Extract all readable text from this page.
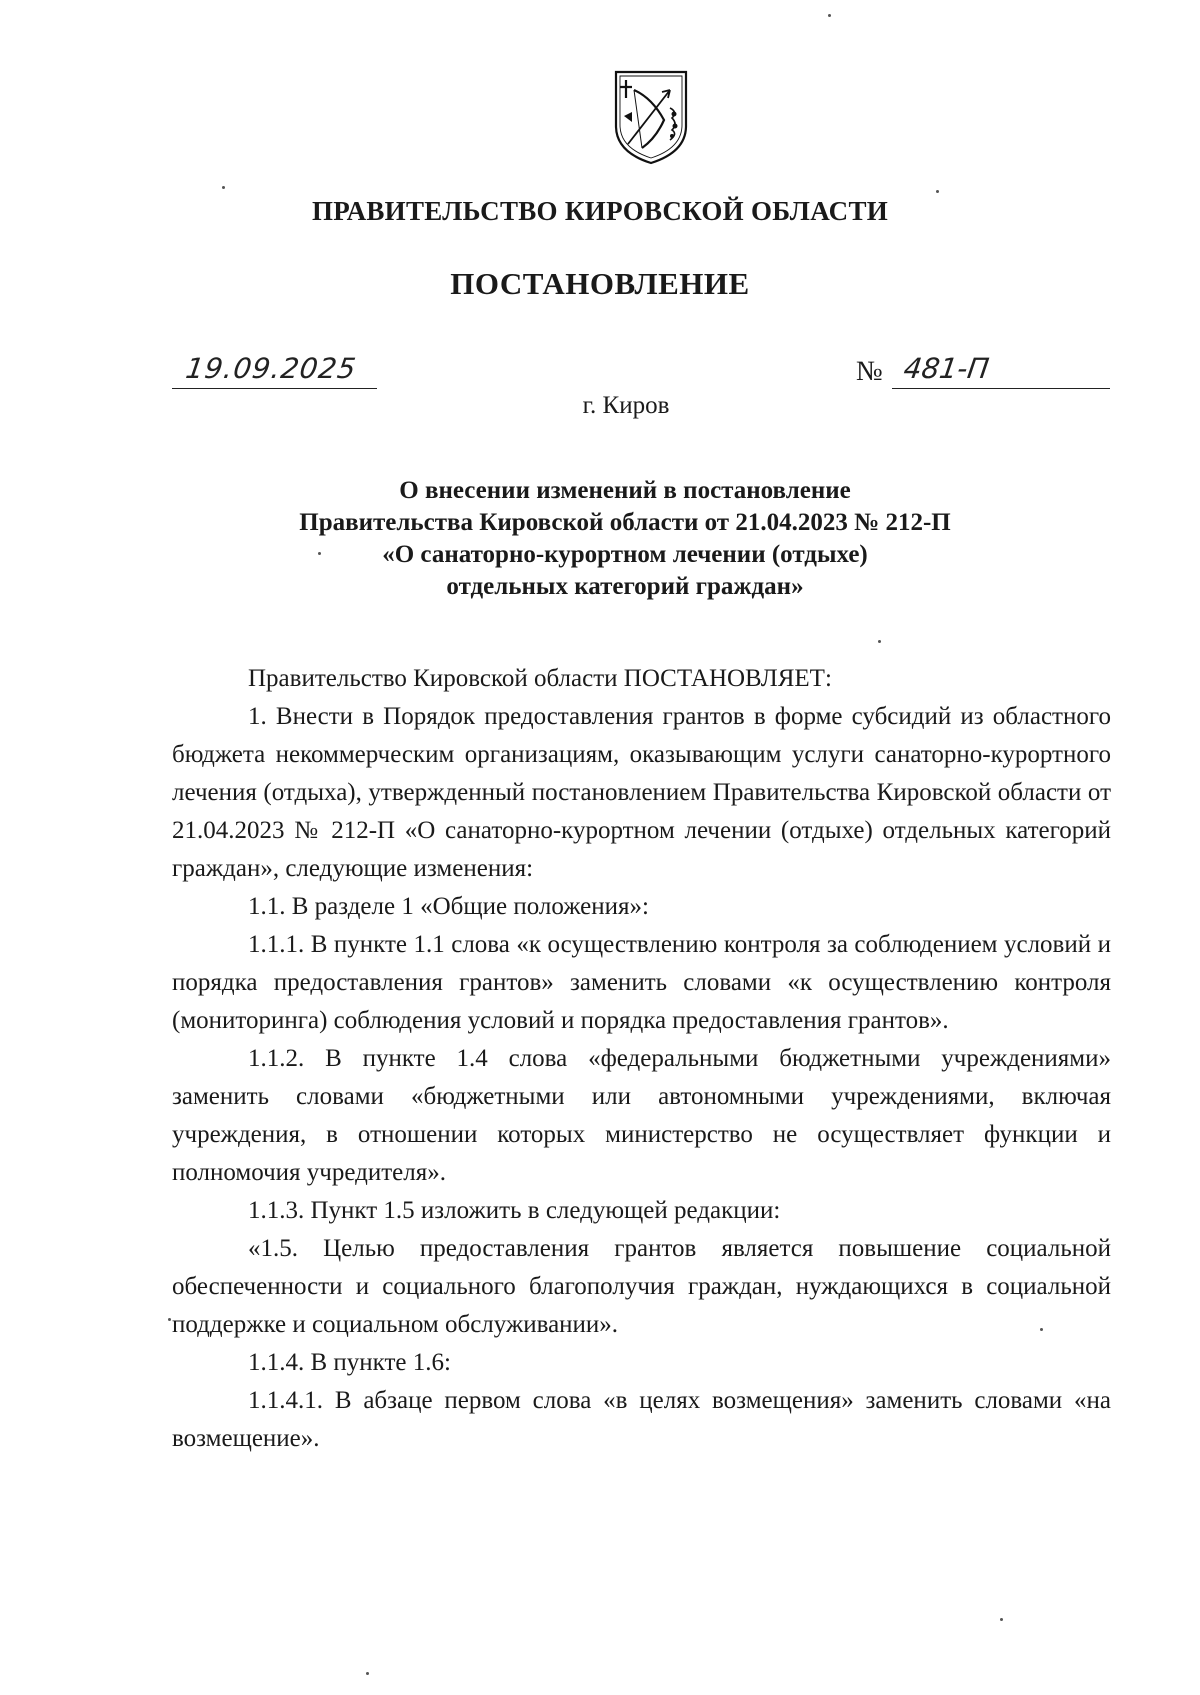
ПРАВИТЕЛЬСТВО КИРОВСКОЙ ОБЛАСТИ
ПОСТАНОВЛЕНИЕ
19.09.2025	№ 481-П
г. Киров
О внесении изменений в постановление
Правительства Кировской области от 21.04.2023 № 212-П
«О санаторно-курортном лечении (отдыхе)
отдельных категорий граждан»

Правительство Кировской области ПОСТАНОВЛЯЕТ:

1. Внести в Порядок предоставления грантов в форме субсидий из областного бюджета некоммерческим организациям, оказывающим услуги санаторно-курортного лечения (отдыха), утвержденный постановлением Правительства Кировской области от 21.04.2023 № 212-П «О санаторно-курортном лечении (отдыхе) отдельных категорий граждан», следующие изменения:

1.1. В разделе 1 «Общие положения»:

1.1.1. В пункте 1.1 слова «к осуществлению контроля за соблюдением условий и порядка предоставления грантов» заменить словами «к осуществлению контроля (мониторинга) соблюдения условий и порядка предоставления грантов».

1.1.2. В пункте 1.4 слова «федеральными бюджетными учреждениями» заменить словами «бюджетными или автономными учреждениями, включая учреждения, в отношении которых министерство не осуществляет функции и полномочия учредителя».

1.1.3. Пункт 1.5 изложить в следующей редакции:

«1.5. Целью предоставления грантов является повышение социальной обеспеченности и социального благополучия граждан, нуждающихся в социальной поддержке и социальном обслуживании».

1.1.4. В пункте 1.6:

1.1.4.1. В абзаце первом слова «в целях возмещения» заменить словами «на возмещение».
